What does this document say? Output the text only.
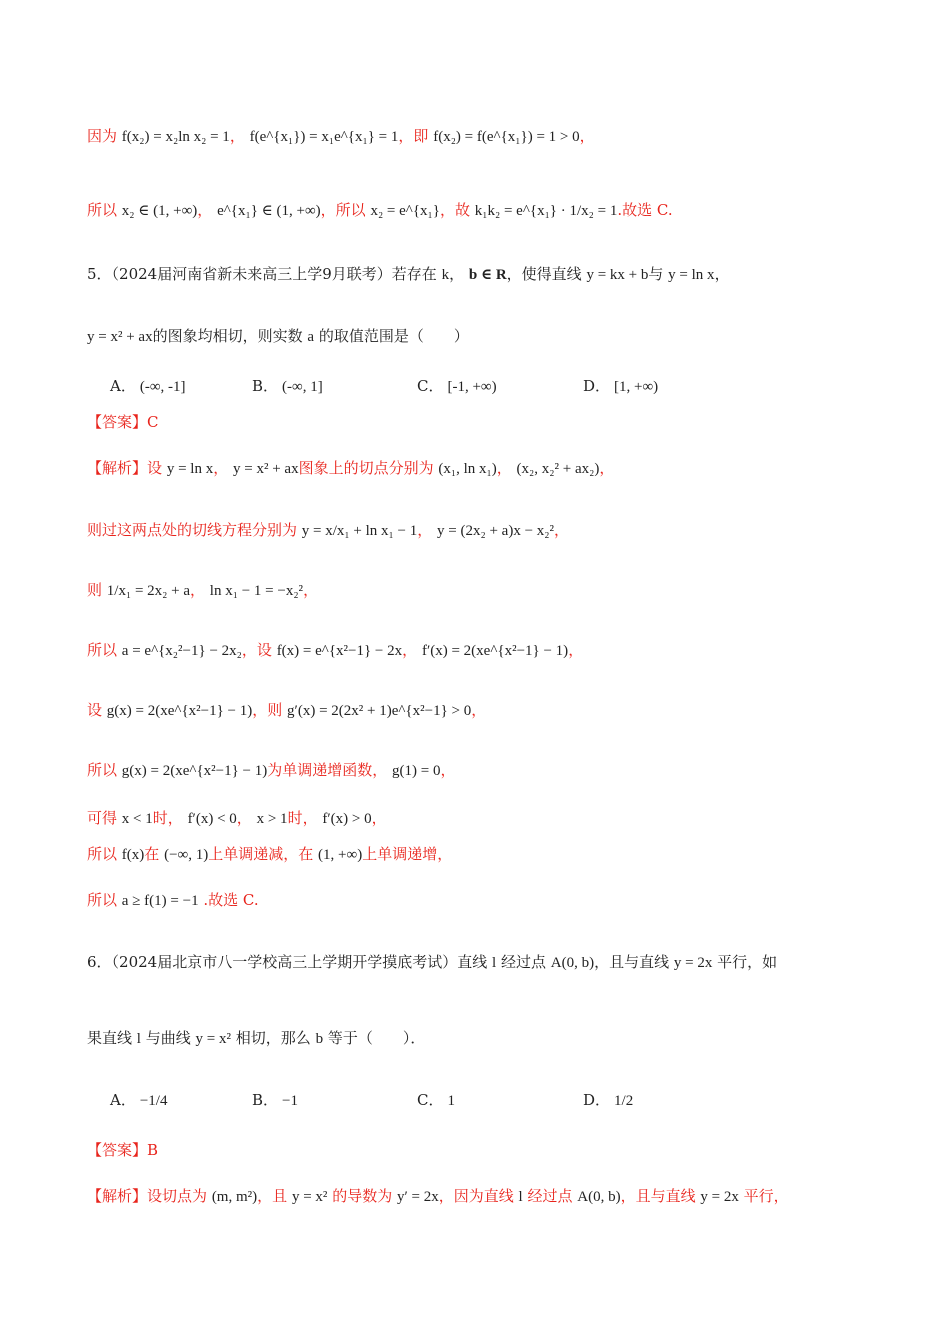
因为 f(x₂) = x₂ln x₂ = 1， f(e^{x₁}) = x₁e^{x₁} = 1，即 f(x₂) = f(e^{x₁}) = 1 > 0，
所以 x₂ ∈ (1, +∞)， e^{x₁} ∈ (1, +∞)，所以 x₂ = e^{x₁}，故 k₁k₂ = e^{x₁} · 1/x₂ = 1.故选 C.
5．（2024届河南省新未来高三上学9月联考）若存在 k， b ∈ R，使得直线 y = kx + b与 y = ln x，
y = x² + ax的图象均相切，则实数 a 的取值范围是（　　）
A． (-∞, -1]	B． (-∞, 1]	C． [-1, +∞)	D． [1, +∞)
【答案】C
【解析】设 y = ln x， y = x² + ax图象上的切点分别为 (x₁, ln x₁)， (x₂, x₂² + ax₂)，
则过这两点处的切线方程分别为 y = x/x₁ + ln x₁ − 1， y = (2x₂ + a)x − x₂²，
则 1/x₁ = 2x₂ + a， ln x₁ − 1 = −x₂²，
所以 a = e^{x₂²−1} − 2x₂，设 f(x) = e^{x²−1} − 2x， f′(x) = 2(xe^{x²−1} − 1)，
设 g(x) = 2(xe^{x²−1} − 1)，则 g′(x) = 2(2x² + 1)e^{x²−1} > 0，
所以 g(x) = 2(xe^{x²−1} − 1)为单调递增函数， g(1) = 0，
可得 x < 1时， f′(x) < 0， x > 1时， f′(x) > 0，
所以 f(x)在 (−∞, 1)上单调递减，在 (1, +∞)上单调递增，
所以 a ≥ f(1) = −1 .故选 C.
6．（2024届北京市八一学校高三上学期开学摸底考试）直线 l 经过点 A(0, b)，且与直线 y = 2x 平行，如
果直线 l 与曲线 y = x² 相切，那么 b 等于（　　）．
A． −1/4	B． −1	C． 1	D． 1/2
【答案】B
【解析】设切点为 (m, m²)，且 y = x² 的导数为 y′ = 2x，因为直线 l 经过点 A(0, b)，且与直线 y = 2x 平行，
